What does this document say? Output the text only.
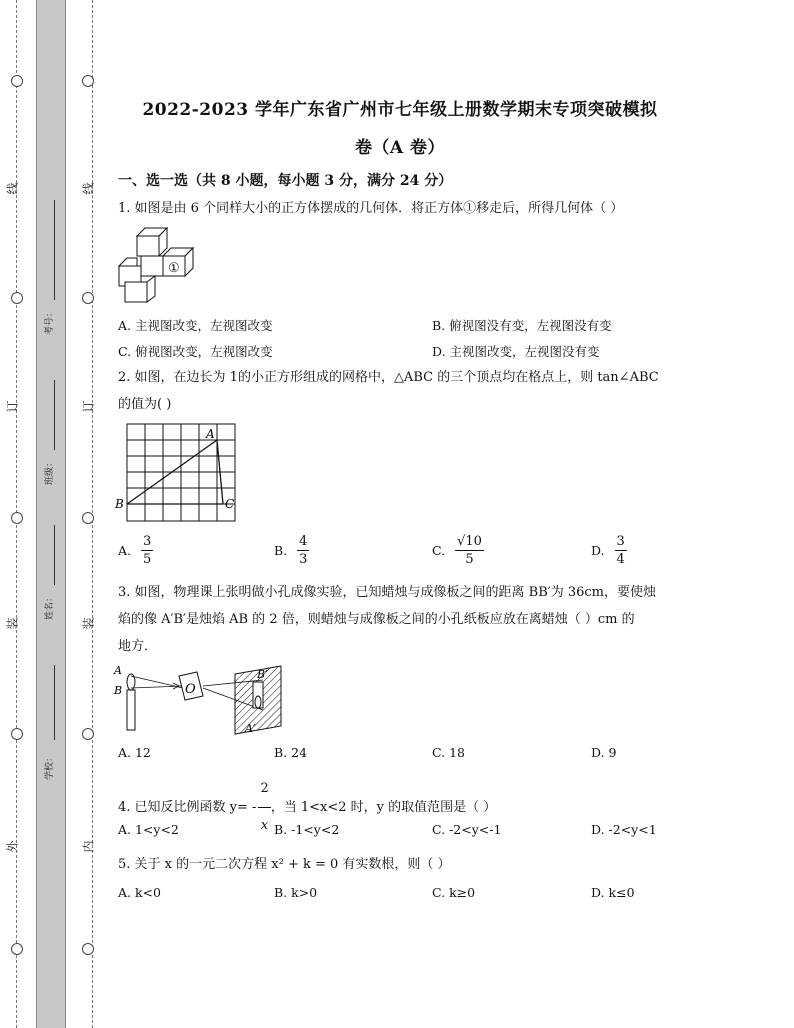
线
订
装
外
线
订
装
内
考号：
班级：
姓名：
学校：
2022-2023 学年广东省广州市七年级上册数学期末专项突破模拟
卷（A 卷）
一、选一选（共 8 小题，每小题 3 分，满分 24 分）
1. 如图是由 6 个同样大小的正方体摆成的几何体．将正方体①移走后，所得几何体（ ）
①
A. 主视图改变，左视图改变	B. 俯视图没有变，左视图没有变
C. 俯视图改变，左视图改变	D. 主视图改变，左视图没有变
2. 如图，在边长为 1的小正方形组成的网格中，△ABC 的三个顶点均在格点上，则 tan∠ABC
的值为( )
A
B	C
A. $\frac{3}{5}$	B. $\frac{4}{3}$	C. $\frac{√10}{5}$	D. $\frac{3}{4}$
3. 如图，物理课上张明做小孔成像实验，已知蜡烛与成像板之间的距离 BB′为 36cm，要使烛
焰的像 A′B′是烛焰 AB 的 2 倍，则蜡烛与成像板之间的小孔纸板应放在离蜡烛（ ）cm 的
地方．
O
A
B
B′
A′
A. 12	B. 24	C. 18	D. 9
4. 已知反比例函数 $y= - \frac{2}{x}$ ，当 1<x<2 时，y 的取值范围是（ ）
A. 1<y<2	B. -1<y<2	C. -2<y<-1	D. -2<y<1
5. 关于 x 的一元二次方程 x² + k = 0 有实数根，则（ ）
A. k<0	B. k>0	C. k≥0	D. k≤0
